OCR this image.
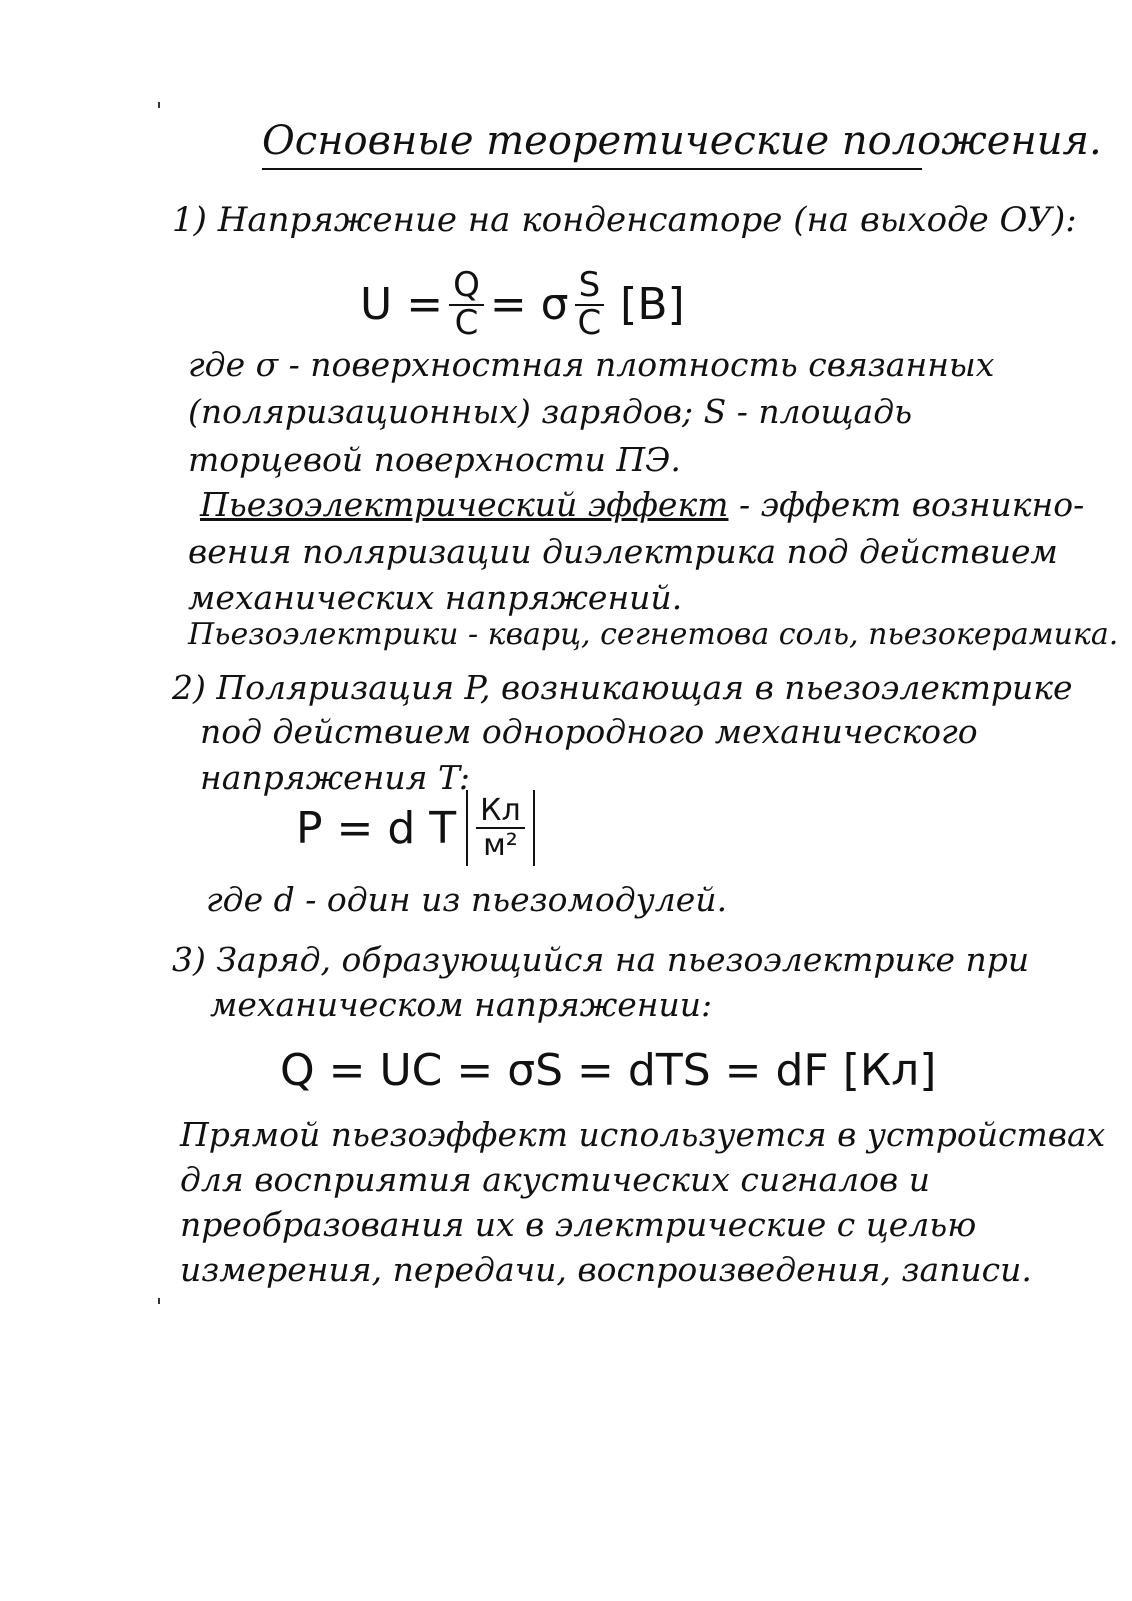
Основные теоретические положения.
1) Напряжение на конденсаторе (на выходе ОУ):
$U = \frac{Q}{C} = \sigma \frac{S}{C} [B]$
где σ - поверхностная плотность связанных
(поляризационных) зарядов; S - площадь
торцевой поверхности ПЭ.
Пьезоэлектрический эффект - эффект возникно-
вения поляризации диэлектрика под действием
механических напряжений.
Пьезоэлектрики - кварц, сегнетова соль, пьезокерамика.
2) Поляризация P, возникающая в пьезоэлектрике
под действием однородного механического
напряжения T:
P = d T Кл
м²
где d - один из пьезомодулей.
3) Заряд, образующийся на пьезоэлектрике при
механическом напряжении:
Q = UC = σS = dTS = dF [Кл]
Прямой пьезоэффект используется в устройствах
для восприятия акустических сигналов и
преобразования их в электрические с целью
измерения, передачи, воспроизведения, записи.
